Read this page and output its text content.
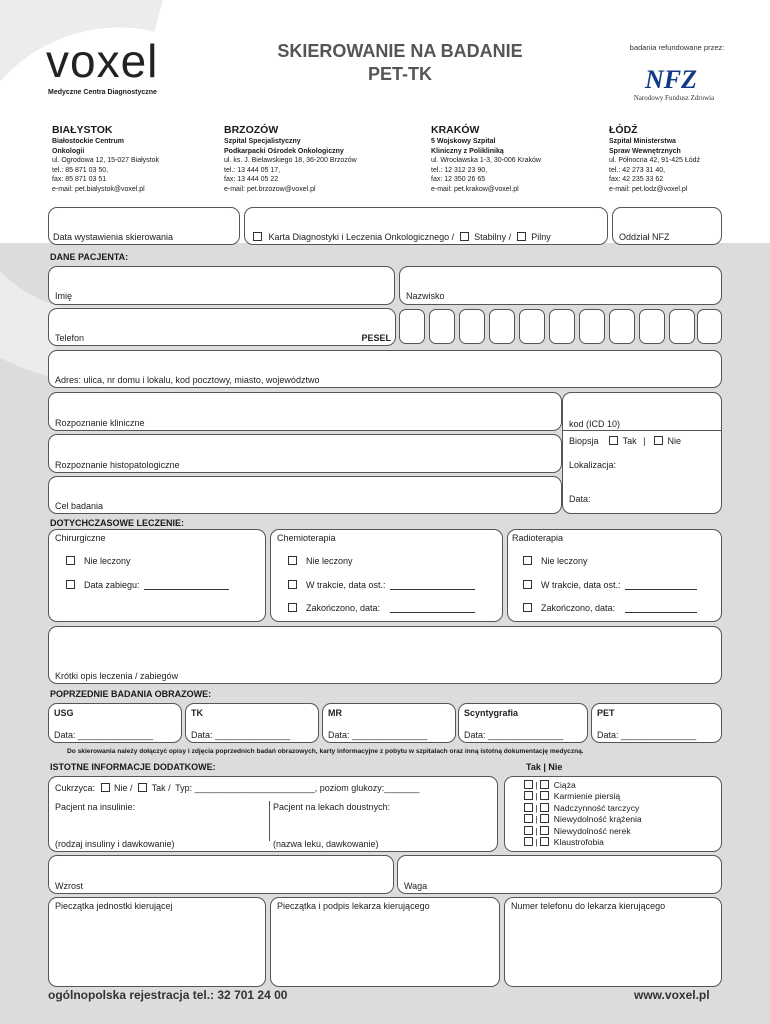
voxel
Medyczne Centra Diagnostyczne
SKIEROWANIE NA BADANIE
PET-TK
badania refundowane przez:
NFZ
Narodowy Fundusz Zdrowia
BIAŁYSTOK
Białostockie Centrum
Onkologii
ul. Ogrodowa 12, 15-027 Białystok
tel.: 85 871 03 50,
fax: 85 871 03 51
e-mail: pet.bialystok@voxel.pl
BRZOZÓW
Szpital Specjalistyczny
Podkarpacki Ośrodek Onkologiczny
ul. ks. J. Bielawskiego 18, 36-200 Brzozów
tel.: 13 444 05 17,
fax: 13 444 05 22
e-mail: pet.brzozow@voxel.pl
KRAKÓW
5 Wojskowy Szpital
Kliniczny z Polikliniką
ul. Wrocławska 1-3, 30-006 Kraków
tel.: 12 312 23 90,
fax: 12 350 26 65
e-mail: pet.krakow@voxel.pl
ŁÓDŹ
Szpital Ministerstwa
Spraw Wewnętrznych
ul. Północna 42, 91-425 Łódź
tel.: 42 273 31 40,
fax: 42 235 33 62
e-mail: pet.lodz@voxel.pl
Data wystawienia skierowania	Karta Diagnostyki i Leczenia Onkologicznego / Stabilny / Pilny	Oddział NFZ
DANE PACJENTA:
Imię	Nazwisko
Telefon	PESEL
Adres: ulica, nr domu i lokalu, kod pocztowy, miasto, województwo
Rozpoznanie kliniczne
Rozpoznanie histopatologiczne
Cel badania
kod (ICD 10)
Biopsja	Tak | Nie
Lokalizacja:
Data:
DOTYCHCZASOWE LECZENIE:
Chirurgiczne
Nie leczony
Data zabiegu:
Chemioterapia
Nie leczony
W trakcie, data ost.:
Zakończono, data:
Radioterapia
Nie leczony
W trakcie, data ost.:
Zakończono, data:
Krótki opis leczenia / zabiegów
POPRZEDNIE BADANIA OBRAZOWE:
USG
Data: _______________
TK
Data: _______________
MR
Data: _______________
Scyntygrafia
Data: _______________
PET
Data: _______________
Do skierowania należy dołączyć opisy i zdjęcia poprzednich badań obrazowych, karty informacyjne z pobytu w szpitalach oraz inną istotną dokumentację medyczną.
ISTOTNE INFORMACJE DODATKOWE:	Tak | Nie
Cukrzyca: Nie / Tak / Typ: ________________________, poziom glukozy:_______
Pacjent na insulinie:	Pacjent na lekach doustnych:
(rodzaj insuliny i dawkowanie)	(nazwa leku, dawkowanie)
|   Ciąża
|   Karmienie piersią
|   Nadczynność tarczycy
|   Niewydolność krążenia
|   Niewydolność nerek
|   Klaustrofobia
Wzrost	Waga
Pieczątka jednostki kierującej	Pieczątka i podpis lekarza kierującego	Numer telefonu do lekarza kierującego
ogólnopolska rejestracja tel.: 32 701 24 00	www.voxel.pl
